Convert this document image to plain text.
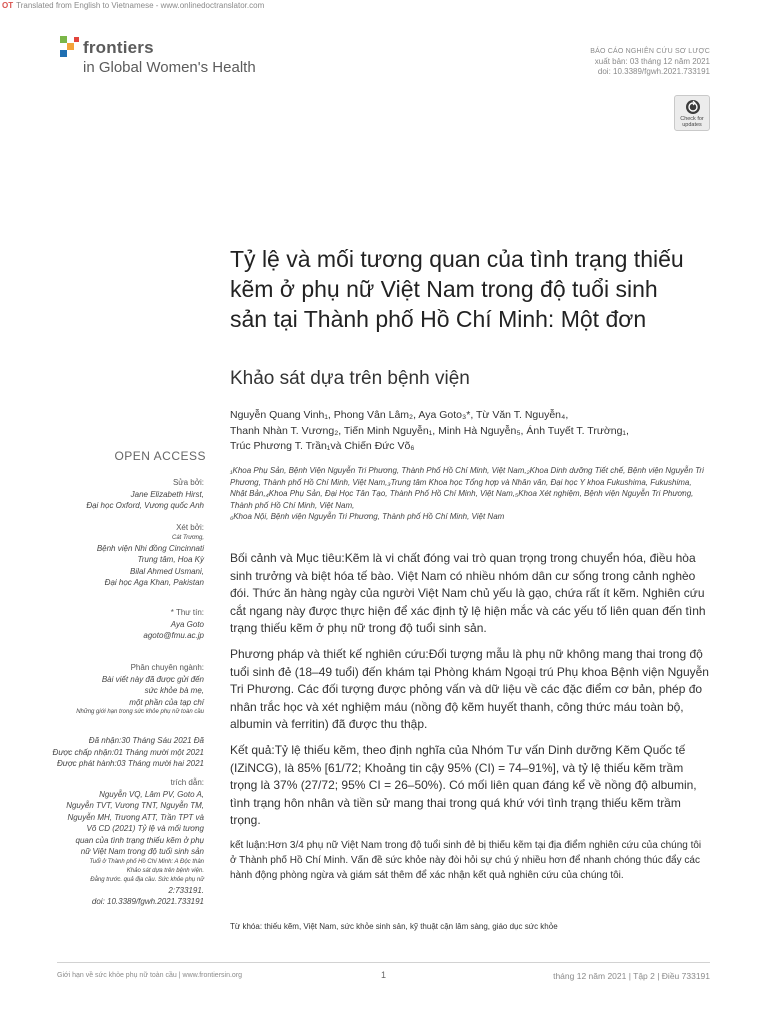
OT Translated from English to Vietnamese - www.onlinedoctranslator.com
frontiers
in Global Women's Health
BÁO CÁO NGHIÊN CỨU SƠ LƯỢC
xuất bản: 03 tháng 12 năm 2021
doi: 10.3389/fgwh.2021.733191
Check for
updates
Tỷ lệ và mối tương quan của tình trạng thiếu kẽm ở phụ nữ Việt Nam trong độ tuổi sinh sản tại Thành phố Hồ Chí Minh: Một đơn
Khảo sát dựa trên bệnh viện
Nguyễn Quang Vinh₁, Phong Vân Lâm₂, Aya Goto₃*, Từ Văn T. Nguyễn₄,
Thanh Nhàn T. Vương₂, Tiến Minh Nguyễn₁, Minh Hà Nguyễn₅, Ánh Tuyết T. Trường₁,
Trúc Phương T. Trần₁và Chiến Đức Võ₆
₁Khoa Phụ Sản, Bệnh Viện Nguyễn Tri Phương, Thành Phố Hồ Chí Minh, Việt Nam,₂Khoa Dinh dưỡng Tiết chế, Bệnh viện Nguyễn Tri Phương, Thành phố Hồ Chí Minh, Việt Nam,₃Trung tâm Khoa học Tổng hợp và Nhân văn, Đại học Y khoa Fukushima, Fukushima, Nhật Bản,₄Khoa Phụ Sản, Đại Học Tân Tạo, Thành Phố Hồ Chí Minh, Việt Nam,₅Khoa Xét nghiệm, Bệnh viện Nguyễn Tri Phương, Thành phố Hồ Chí Minh, Việt Nam,
₆Khoa Nội, Bệnh viện Nguyễn Tri Phương, Thành phố Hồ Chí Minh, Việt Nam
OPEN ACCESS
Sửa bởi:
Jane Elizabeth Hirst,
Đại học Oxford, Vương quốc Anh
Xét bởi:
Cát Trương,
Bệnh viện Nhi đồng Cincinnati
Trung tâm, Hoa Kỳ
Bilal Ahmed Usmani,
Đại học Aga Khan, Pakistan
* Thư tín:
Aya Goto
agoto@fmu.ac.jp
Phân chuyên ngành:
Bài viết này đã được gửi đến
sức khỏe bà mẹ,
một phần của tạp chí
Những giới hạn trong sức khỏe phụ nữ toàn cầu
Đã nhận:30 Tháng Sáu 2021 Đã
Được chấp nhận:01 Tháng mười một 2021
Được phát hành:03 Tháng mười hai 2021
trích dẫn:
Nguyễn VQ, Lâm PV, Goto A,
Nguyễn TVT, Vương TNT, Nguyễn TM,
Nguyễn MH, Trương ATT, Trần TPT và
Võ CD (2021) Tỷ lệ và mối tương
quan của tình trạng thiếu kẽm ở phụ
nữ Việt Nam trong độ tuổi sinh sản
Tuổi ở Thành phố Hồ Chí Minh: A Độc thân
Khảo sát dựa trên bệnh viện.
Đằng trước. quả địa cầu. Sức khỏe phụ nữ
2:733191.
doi: 10.3389/fgwh.2021.733191

Bối cảnh và Mục tiêu:Kẽm là vi chất đóng vai trò quan trọng trong chuyển hóa, điều hòa sinh trưởng và biệt hóa tế bào. Việt Nam có nhiều nhóm dân cư sống trong cảnh nghèo đói. Thức ăn hàng ngày của người Việt Nam chủ yếu là gạo, chứa rất ít kẽm. Nghiên cứu cắt ngang này được thực hiện để xác định tỷ lệ hiện mắc và các yếu tố liên quan đến tình trạng thiếu kẽm ở phụ nữ trong độ tuổi sinh sản.

Phương pháp và thiết kế nghiên cứu:Đối tượng mẫu là phụ nữ không mang thai trong độ tuổi sinh đẻ (18–49 tuổi) đến khám tại Phòng khám Ngoại trú Phụ khoa Bệnh viện Nguyễn Tri Phương. Các đối tượng được phỏng vấn và dữ liệu về các đặc điểm cơ bản, phép đo nhân trắc học và xét nghiệm máu (nồng độ kẽm huyết thanh, công thức máu toàn bộ, albumin và ferritin) đã được thu thập.

Kết quả:Tỷ lệ thiếu kẽm, theo định nghĩa của Nhóm Tư vấn Dinh dưỡng Kẽm Quốc tế (IZiNCG), là 85% [61/72; Khoảng tin cậy 95% (CI) = 74–91%], và tỷ lệ thiếu kẽm trầm trọng là 37% (27/72; 95% CI = 26–50%). Có mối liên quan đáng kể về nồng độ albumin, tình trạng hôn nhân và tiền sử mang thai trong quá khứ với tình trạng thiếu kẽm trầm trọng.

kết luận:Hơn 3/4 phụ nữ Việt Nam trong độ tuổi sinh đẻ bị thiếu kẽm tại địa điểm nghiên cứu của chúng tôi ở Thành phố Hồ Chí Minh. Vấn đề sức khỏe này đòi hỏi sự chú ý nhiều hơn để nhanh chóng thúc đẩy các hành động phòng ngừa và giám sát thêm để xác nhận kết quả nghiên cứu của chúng tôi.

Từ khóa: thiếu kẽm, Việt Nam, sức khỏe sinh sản, kỹ thuật cận lâm sàng, giáo dục sức khỏe
Giới hạn về sức khỏe phụ nữ toàn cầu | www.frontiersin.org	1	tháng 12 năm 2021 | Tập 2 | Điều 733191
